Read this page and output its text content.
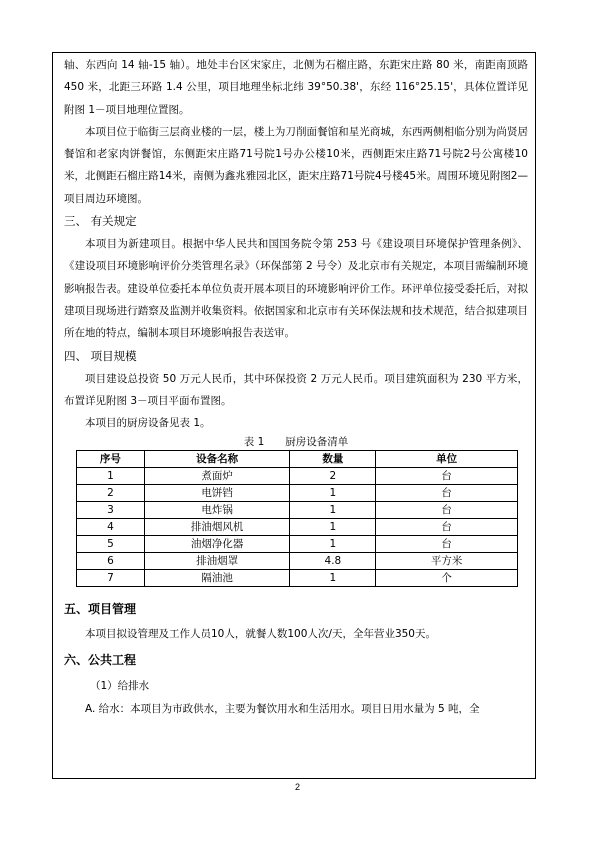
轴、东西向 14 轴-15 轴）。地处丰台区宋家庄，北侧为石榴庄路，东距宋庄路 80 米，南距南顶路 450 米，北距三环路 1.4 公里，项目地理坐标北纬 39°50.38'，东经 116°25.15'，具体位置详见附图 1－项目地理位置图。

本项目位于临街三层商业楼的一层，楼上为刀削面餐馆和星光商城，东西两侧相临分别为尚贤居餐馆和老家肉饼餐馆，东侧距宋庄路71号院1号办公楼10米，西侧距宋庄路71号院2号公寓楼10米，北侧距石榴庄路14米，南侧为鑫兆雅园北区，距宋庄路71号院4号楼45米。周围环境见附图2—项目周边环境图。

三、 有关规定

本项目为新建项目。根据中华人民共和国国务院令第 253 号《建设项目环境保护管理条例》、《建设项目环境影响评价分类管理名录》（环保部第 2 号令）及北京市有关规定，本项目需编制环境影响报告表。建设单位委托本单位负责开展本项目的环境影响评价工作。环评单位接受委托后，对拟建项目现场进行踏察及监测并收集资料。依据国家和北京市有关环保法规和技术规范，结合拟建项目所在地的特点，编制本项目环境影响报告表送审。

四、 项目规模

项目建设总投资 50 万元人民币，其中环保投资 2 万元人民币。项目建筑面积为 230 平方米，布置详见附图 3－项目平面布置图。

本项目的厨房设备见表 1。

表 1　　厨房设备清单

序号	设备名称	数量	单位
1	煮面炉	2	台
2	电饼铛	1	台
3	电炸锅	1	台
4	排油烟风机	1	台
5	油烟净化器	1	台
6	排油烟罩	4.8	平方米
7	隔油池	1	个

五、项目管理

本项目拟设管理及工作人员10人，就餐人数100人次/天，全年营业350天。

六、公共工程

（1）给排水

A. 给水：本项目为市政供水，主要为餐饮用水和生活用水。项目日用水量为 5 吨，全

2
